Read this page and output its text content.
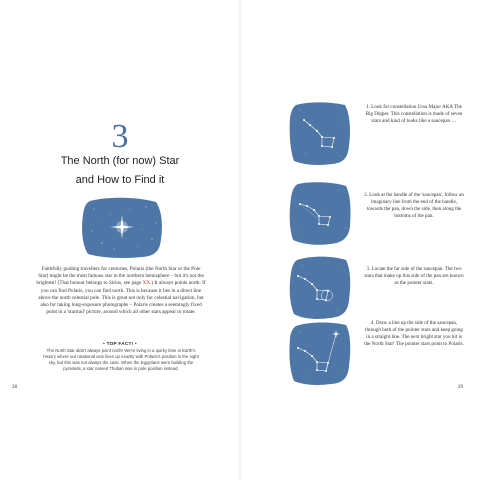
3
The North (for now) Star
and How to Find it

Faithfully guiding travellers for centuries, Polaris (the North Star or the Pole Star) might be the most famous star in the northern hemisphere – but it's not the brightest! (That honour belongs to Sirius, see page XX.) It always points north. If you can find Polaris, you can find north. This is because it lies in a direct line above the north celestial pole. This is great not only for celestial navigation, but also for taking long-exposure photographs – Polaris creates a seemingly fixed point in a 'startrail' picture, around which all other stars appear to rotate.

• TOP FACT! •

The North Star didn't always point north! We're living in a quirky time in Earth's history where our rotational axis lines up exactly with Polaris's position in the night sky, but this was not always the case. When the Egyptians were building the pyramids, a star named Thuban was in pole position instead.

28

1. Look for constellation Ursa Major AKA The Big Dipper. This constellation is made of seven stars and kind of looks like a saucepan …

2. Look at the handle of the 'saucepan', follow an imaginary line from the end of the handle, towards the pan, down the side, then along the bottoms of the pan.

3. Locate the far side of the saucepan. The two stars that make up this side of the pan are known as the pointer stars.

4. Draw a line up the side of the saucepan, through both of the pointer stars and keep going in a straight line. The next bright star you hit is the North Star! The pointer stars point to Polaris.

29
